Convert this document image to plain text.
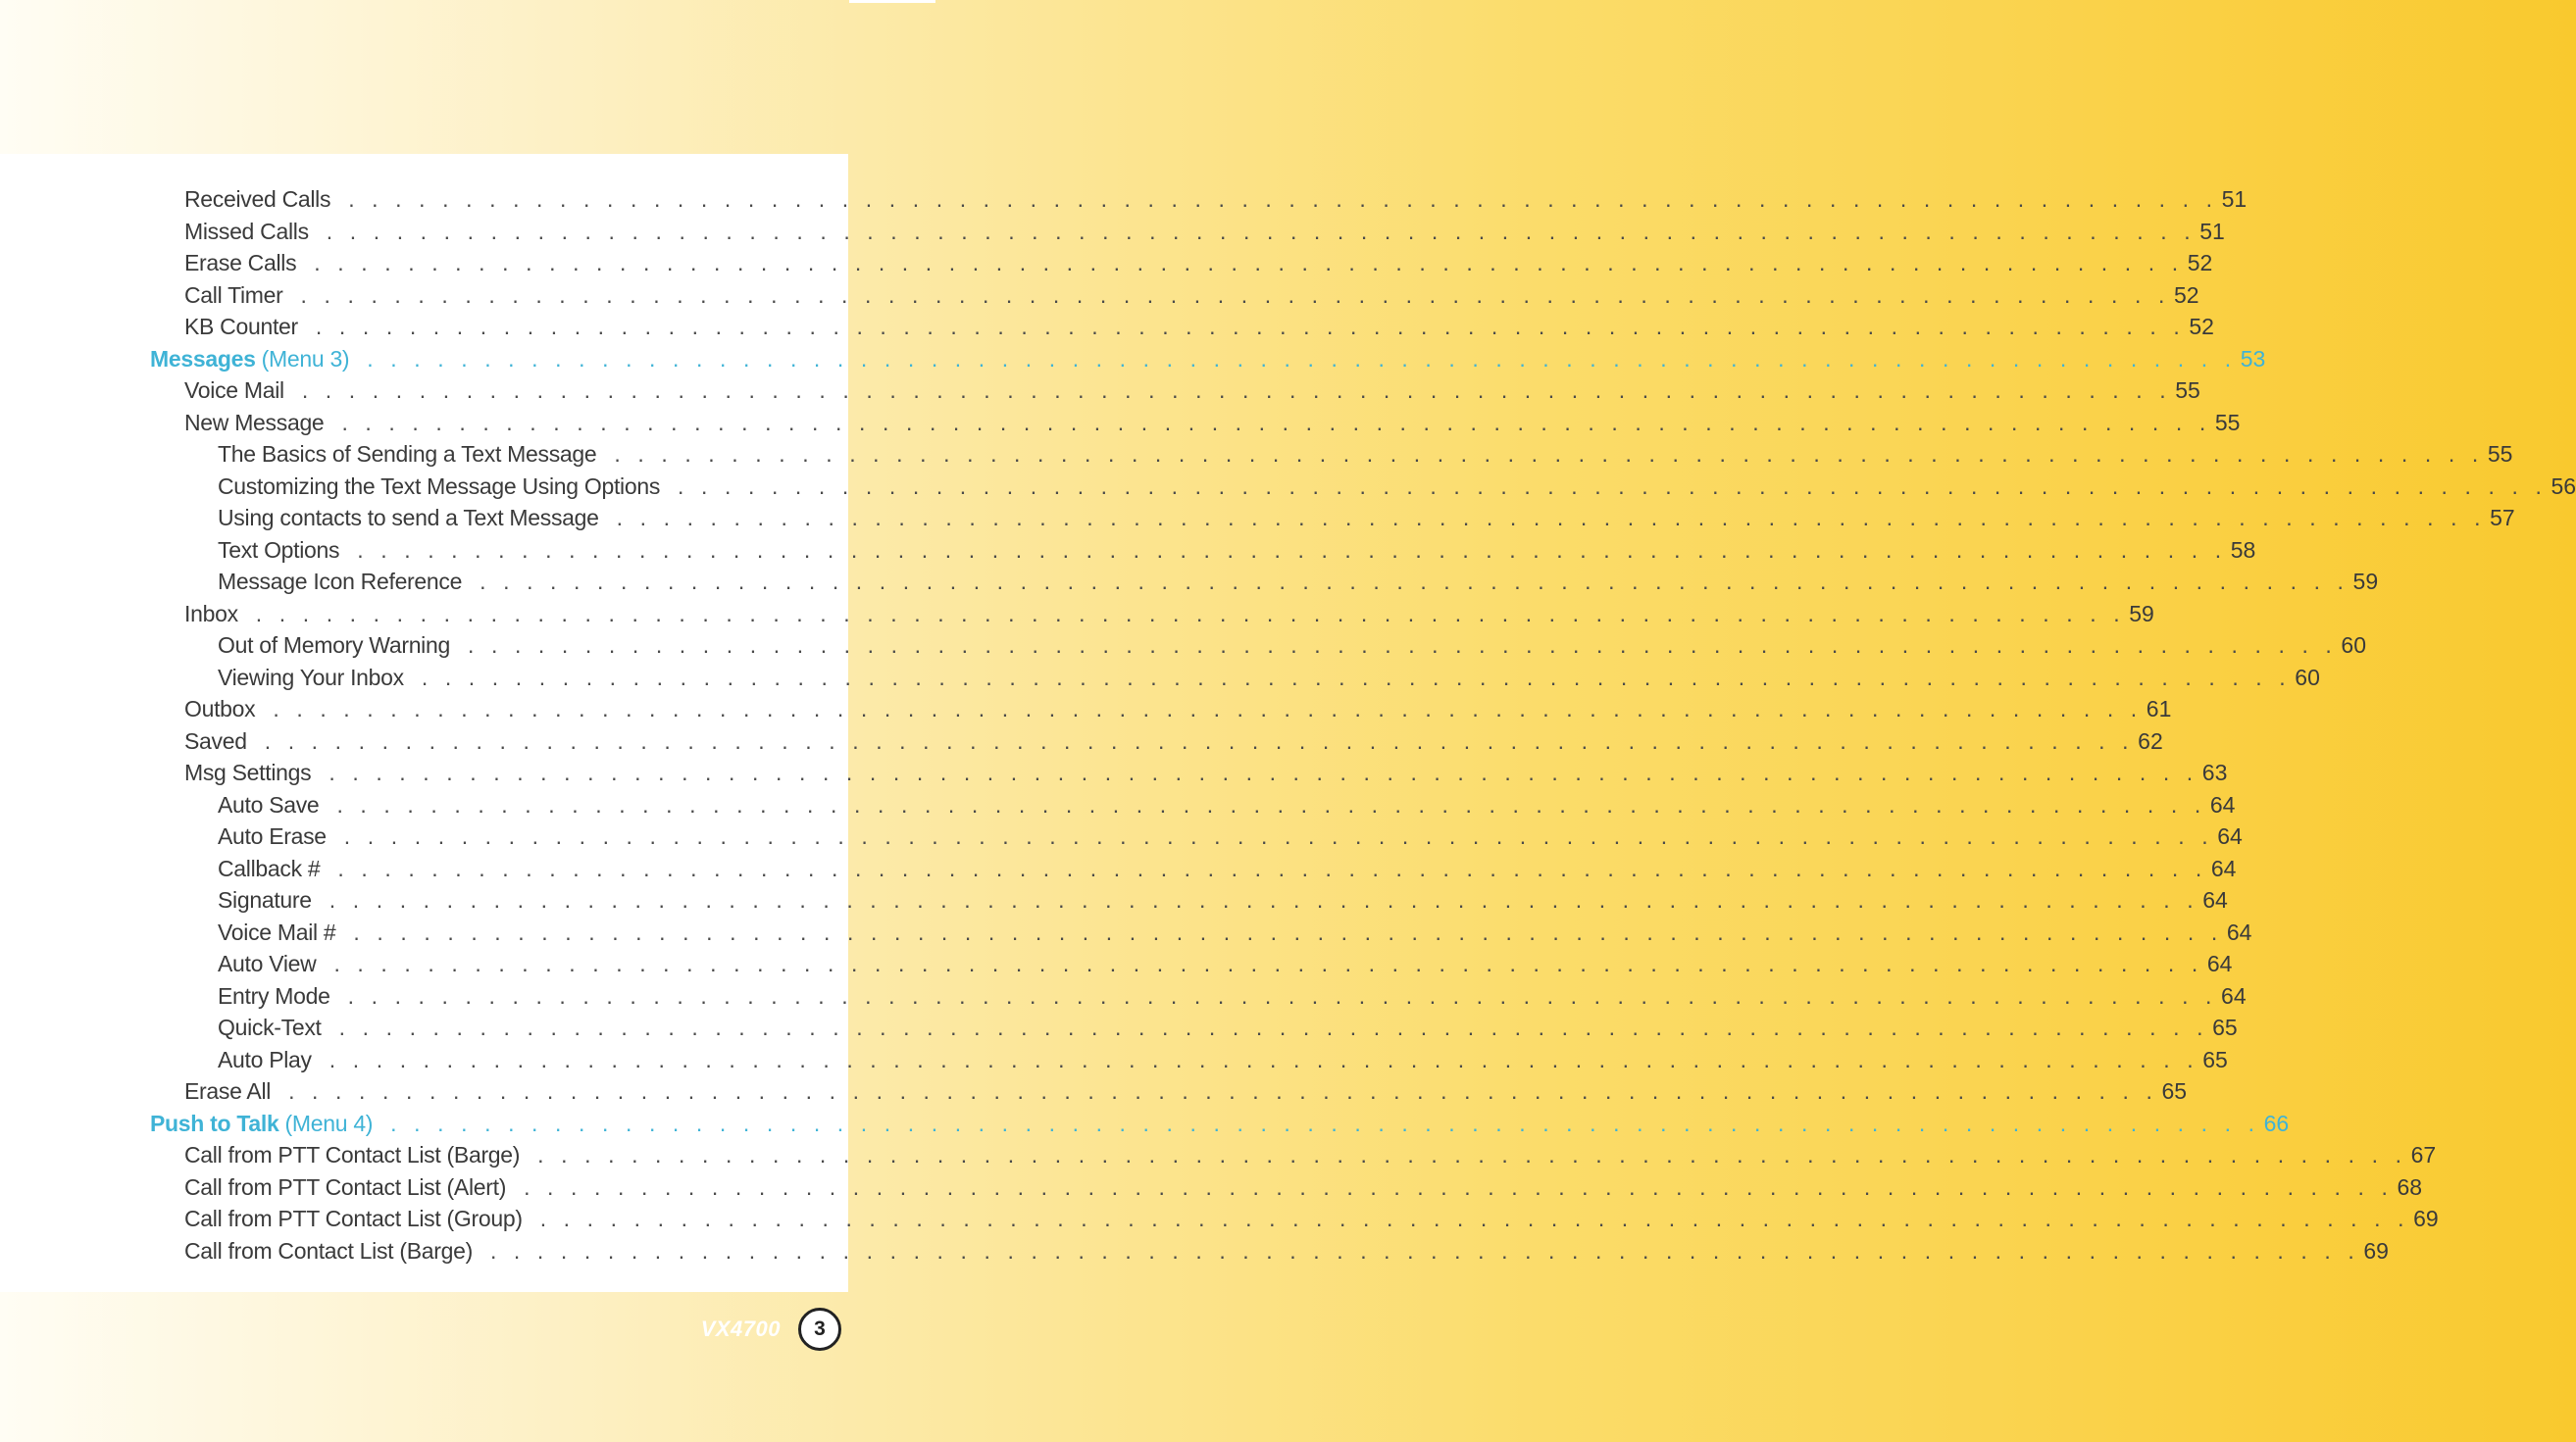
Received Calls . . . . . . . . . . . . . . . . . . . . . . . . . . . . . . . . . . . . . . . . . . . . . . . . . . . . . . . . . . . . . . . . . . . . . . . . . . . . . . . . 51
Missed Calls . . . . . . . . . . . . . . . . . . . . . . . . . . . . . . . . . . . . . . . . . . . . . . . . . . . . . . . . . . . . . . . . . . . . . . . . . . . . . . . . 51
Erase Calls . . . . . . . . . . . . . . . . . . . . . . . . . . . . . . . . . . . . . . . . . . . . . . . . . . . . . . . . . . . . . . . . . . . . . . . . . . . . . . . . 52
Call Timer . . . . . . . . . . . . . . . . . . . . . . . . . . . . . . . . . . . . . . . . . . . . . . . . . . . . . . . . . . . . . . . . . . . . . . . . . . . . . . . . 52
KB Counter . . . . . . . . . . . . . . . . . . . . . . . . . . . . . . . . . . . . . . . . . . . . . . . . . . . . . . . . . . . . . . . . . . . . . . . . . . . . . . . . 52
Messages (Menu 3) . . . . . . . . . . . . . . . . . . . . . . . . . . . . . . . . . . . . . . . . . . . . . . . . . . . . . . . . . . . . . . . . . . . . . . . . . . . . . . . . 53
Voice Mail . . . . . . . . . . . . . . . . . . . . . . . . . . . . . . . . . . . . . . . . . . . . . . . . . . . . . . . . . . . . . . . . . . . . . . . . . . . . . . . . 55
New Message . . . . . . . . . . . . . . . . . . . . . . . . . . . . . . . . . . . . . . . . . . . . . . . . . . . . . . . . . . . . . . . . . . . . . . . . . . . . . . . . 55
The Basics of Sending a Text Message . . . . . . . . . . . . . . . . . . . . . . . . . . . . . . . . . . . . . . . . . . . . . . . . . . . . . . . . . . . . . . . . . . . . . . . . . . . . . . . . 55
Customizing the Text Message Using Options . . . . . . . . . . . . . . . . . . . . . . . . . . . . . . . . . . . . . . . . . . . . . . . . . . . . . . . . . . . . . . . . . . . . . . . . . . . . . . . . 56
Using contacts to send a Text Message . . . . . . . . . . . . . . . . . . . . . . . . . . . . . . . . . . . . . . . . . . . . . . . . . . . . . . . . . . . . . . . . . . . . . . . . . . . . . . . . 57
Text Options . . . . . . . . . . . . . . . . . . . . . . . . . . . . . . . . . . . . . . . . . . . . . . . . . . . . . . . . . . . . . . . . . . . . . . . . . . . . . . . . 58
Message Icon Reference . . . . . . . . . . . . . . . . . . . . . . . . . . . . . . . . . . . . . . . . . . . . . . . . . . . . . . . . . . . . . . . . . . . . . . . . . . . . . . . . 59
Inbox . . . . . . . . . . . . . . . . . . . . . . . . . . . . . . . . . . . . . . . . . . . . . . . . . . . . . . . . . . . . . . . . . . . . . . . . . . . . . . . . 59
Out of Memory Warning . . . . . . . . . . . . . . . . . . . . . . . . . . . . . . . . . . . . . . . . . . . . . . . . . . . . . . . . . . . . . . . . . . . . . . . . . . . . . . . . 60
Viewing Your Inbox . . . . . . . . . . . . . . . . . . . . . . . . . . . . . . . . . . . . . . . . . . . . . . . . . . . . . . . . . . . . . . . . . . . . . . . . . . . . . . . . 60
Outbox . . . . . . . . . . . . . . . . . . . . . . . . . . . . . . . . . . . . . . . . . . . . . . . . . . . . . . . . . . . . . . . . . . . . . . . . . . . . . . . . 61
Saved . . . . . . . . . . . . . . . . . . . . . . . . . . . . . . . . . . . . . . . . . . . . . . . . . . . . . . . . . . . . . . . . . . . . . . . . . . . . . . . . 62
Msg Settings . . . . . . . . . . . . . . . . . . . . . . . . . . . . . . . . . . . . . . . . . . . . . . . . . . . . . . . . . . . . . . . . . . . . . . . . . . . . . . . . 63
Auto Save . . . . . . . . . . . . . . . . . . . . . . . . . . . . . . . . . . . . . . . . . . . . . . . . . . . . . . . . . . . . . . . . . . . . . . . . . . . . . . . . 64
Auto Erase . . . . . . . . . . . . . . . . . . . . . . . . . . . . . . . . . . . . . . . . . . . . . . . . . . . . . . . . . . . . . . . . . . . . . . . . . . . . . . . . 64
Callback # . . . . . . . . . . . . . . . . . . . . . . . . . . . . . . . . . . . . . . . . . . . . . . . . . . . . . . . . . . . . . . . . . . . . . . . . . . . . . . . . 64
Signature . . . . . . . . . . . . . . . . . . . . . . . . . . . . . . . . . . . . . . . . . . . . . . . . . . . . . . . . . . . . . . . . . . . . . . . . . . . . . . . . 64
Voice Mail # . . . . . . . . . . . . . . . . . . . . . . . . . . . . . . . . . . . . . . . . . . . . . . . . . . . . . . . . . . . . . . . . . . . . . . . . . . . . . . . . 64
Auto View . . . . . . . . . . . . . . . . . . . . . . . . . . . . . . . . . . . . . . . . . . . . . . . . . . . . . . . . . . . . . . . . . . . . . . . . . . . . . . . . 64
Entry Mode . . . . . . . . . . . . . . . . . . . . . . . . . . . . . . . . . . . . . . . . . . . . . . . . . . . . . . . . . . . . . . . . . . . . . . . . . . . . . . . . 64
Quick-Text . . . . . . . . . . . . . . . . . . . . . . . . . . . . . . . . . . . . . . . . . . . . . . . . . . . . . . . . . . . . . . . . . . . . . . . . . . . . . . . . 65
Auto Play . . . . . . . . . . . . . . . . . . . . . . . . . . . . . . . . . . . . . . . . . . . . . . . . . . . . . . . . . . . . . . . . . . . . . . . . . . . . . . . . 65
Erase All . . . . . . . . . . . . . . . . . . . . . . . . . . . . . . . . . . . . . . . . . . . . . . . . . . . . . . . . . . . . . . . . . . . . . . . . . . . . . . . . 65
Push to Talk (Menu 4) . . . . . . . . . . . . . . . . . . . . . . . . . . . . . . . . . . . . . . . . . . . . . . . . . . . . . . . . . . . . . . . . . . . . . . . . . . . . . . . . 66
Call from PTT Contact List (Barge) . . . . . . . . . . . . . . . . . . . . . . . . . . . . . . . . . . . . . . . . . . . . . . . . . . . . . . . . . . . . . . . . . . . . . . . . . . . . . . . . 67
Call from PTT Contact List (Alert) . . . . . . . . . . . . . . . . . . . . . . . . . . . . . . . . . . . . . . . . . . . . . . . . . . . . . . . . . . . . . . . . . . . . . . . . . . . . . . . . 68
Call from PTT Contact List (Group) . . . . . . . . . . . . . . . . . . . . . . . . . . . . . . . . . . . . . . . . . . . . . . . . . . . . . . . . . . . . . . . . . . . . . . . . . . . . . . . . 69
Call from Contact List (Barge) . . . . . . . . . . . . . . . . . . . . . . . . . . . . . . . . . . . . . . . . . . . . . . . . . . . . . . . . . . . . . . . . . . . . . . . . . . . . . . . . 69
VX4700	3
